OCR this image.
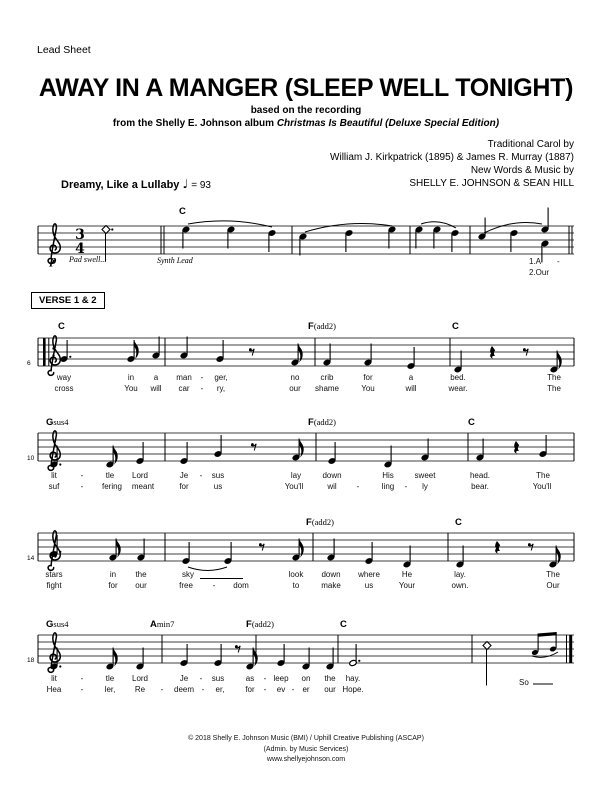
Lead Sheet
AWAY IN A MANGER (SLEEP WELL TONIGHT)
based on the recording
from the Shelly E. Johnson album Christmas Is Beautiful (Deluxe Special Edition)
Traditional Carol by
William J. Kirkpatrick (1895) & James R. Murray (1887)
New Words & Music by
SHELLY E. JOHNSON & SEAN HILL
Dreamy, Like a Lullaby ♩ = 93
VERSE 1 & 2
3
4
C
p Pad swell...	Synth Lead	1.A -
2.Our
C	F(add2)	C
6
way	in a man - ger,	no	crib	for	a	bed.	The
cross	You will car - ry,	our shame	You	will	wear.	The
Gsus4	F(add2)	C
10
lit	-	tle Lord	Je - sus	lay	down	His	sweet	head.	The
suf	- fering meant	for	us	You'll	wil -	ling - ly	bear.	You'll
F(add2)	C
14
stars	in the	sky	look down where	He	lay.	The
fight	for our	free - dom	to	make	us	Your	own.	Our
Gsus4	Amin7	F(add2)	C
18
lit	-	tle Lord	Je - sus	as - leep on the hay.
Hea -	ler, Re - deem - er,	for - ev - er our Hope.
So
© 2018 Shelly E. Johnson Music (BMI) / Uphill Creative Publishing (ASCAP)
(Admin. by Music Services)
www.shellyejohnson.com
